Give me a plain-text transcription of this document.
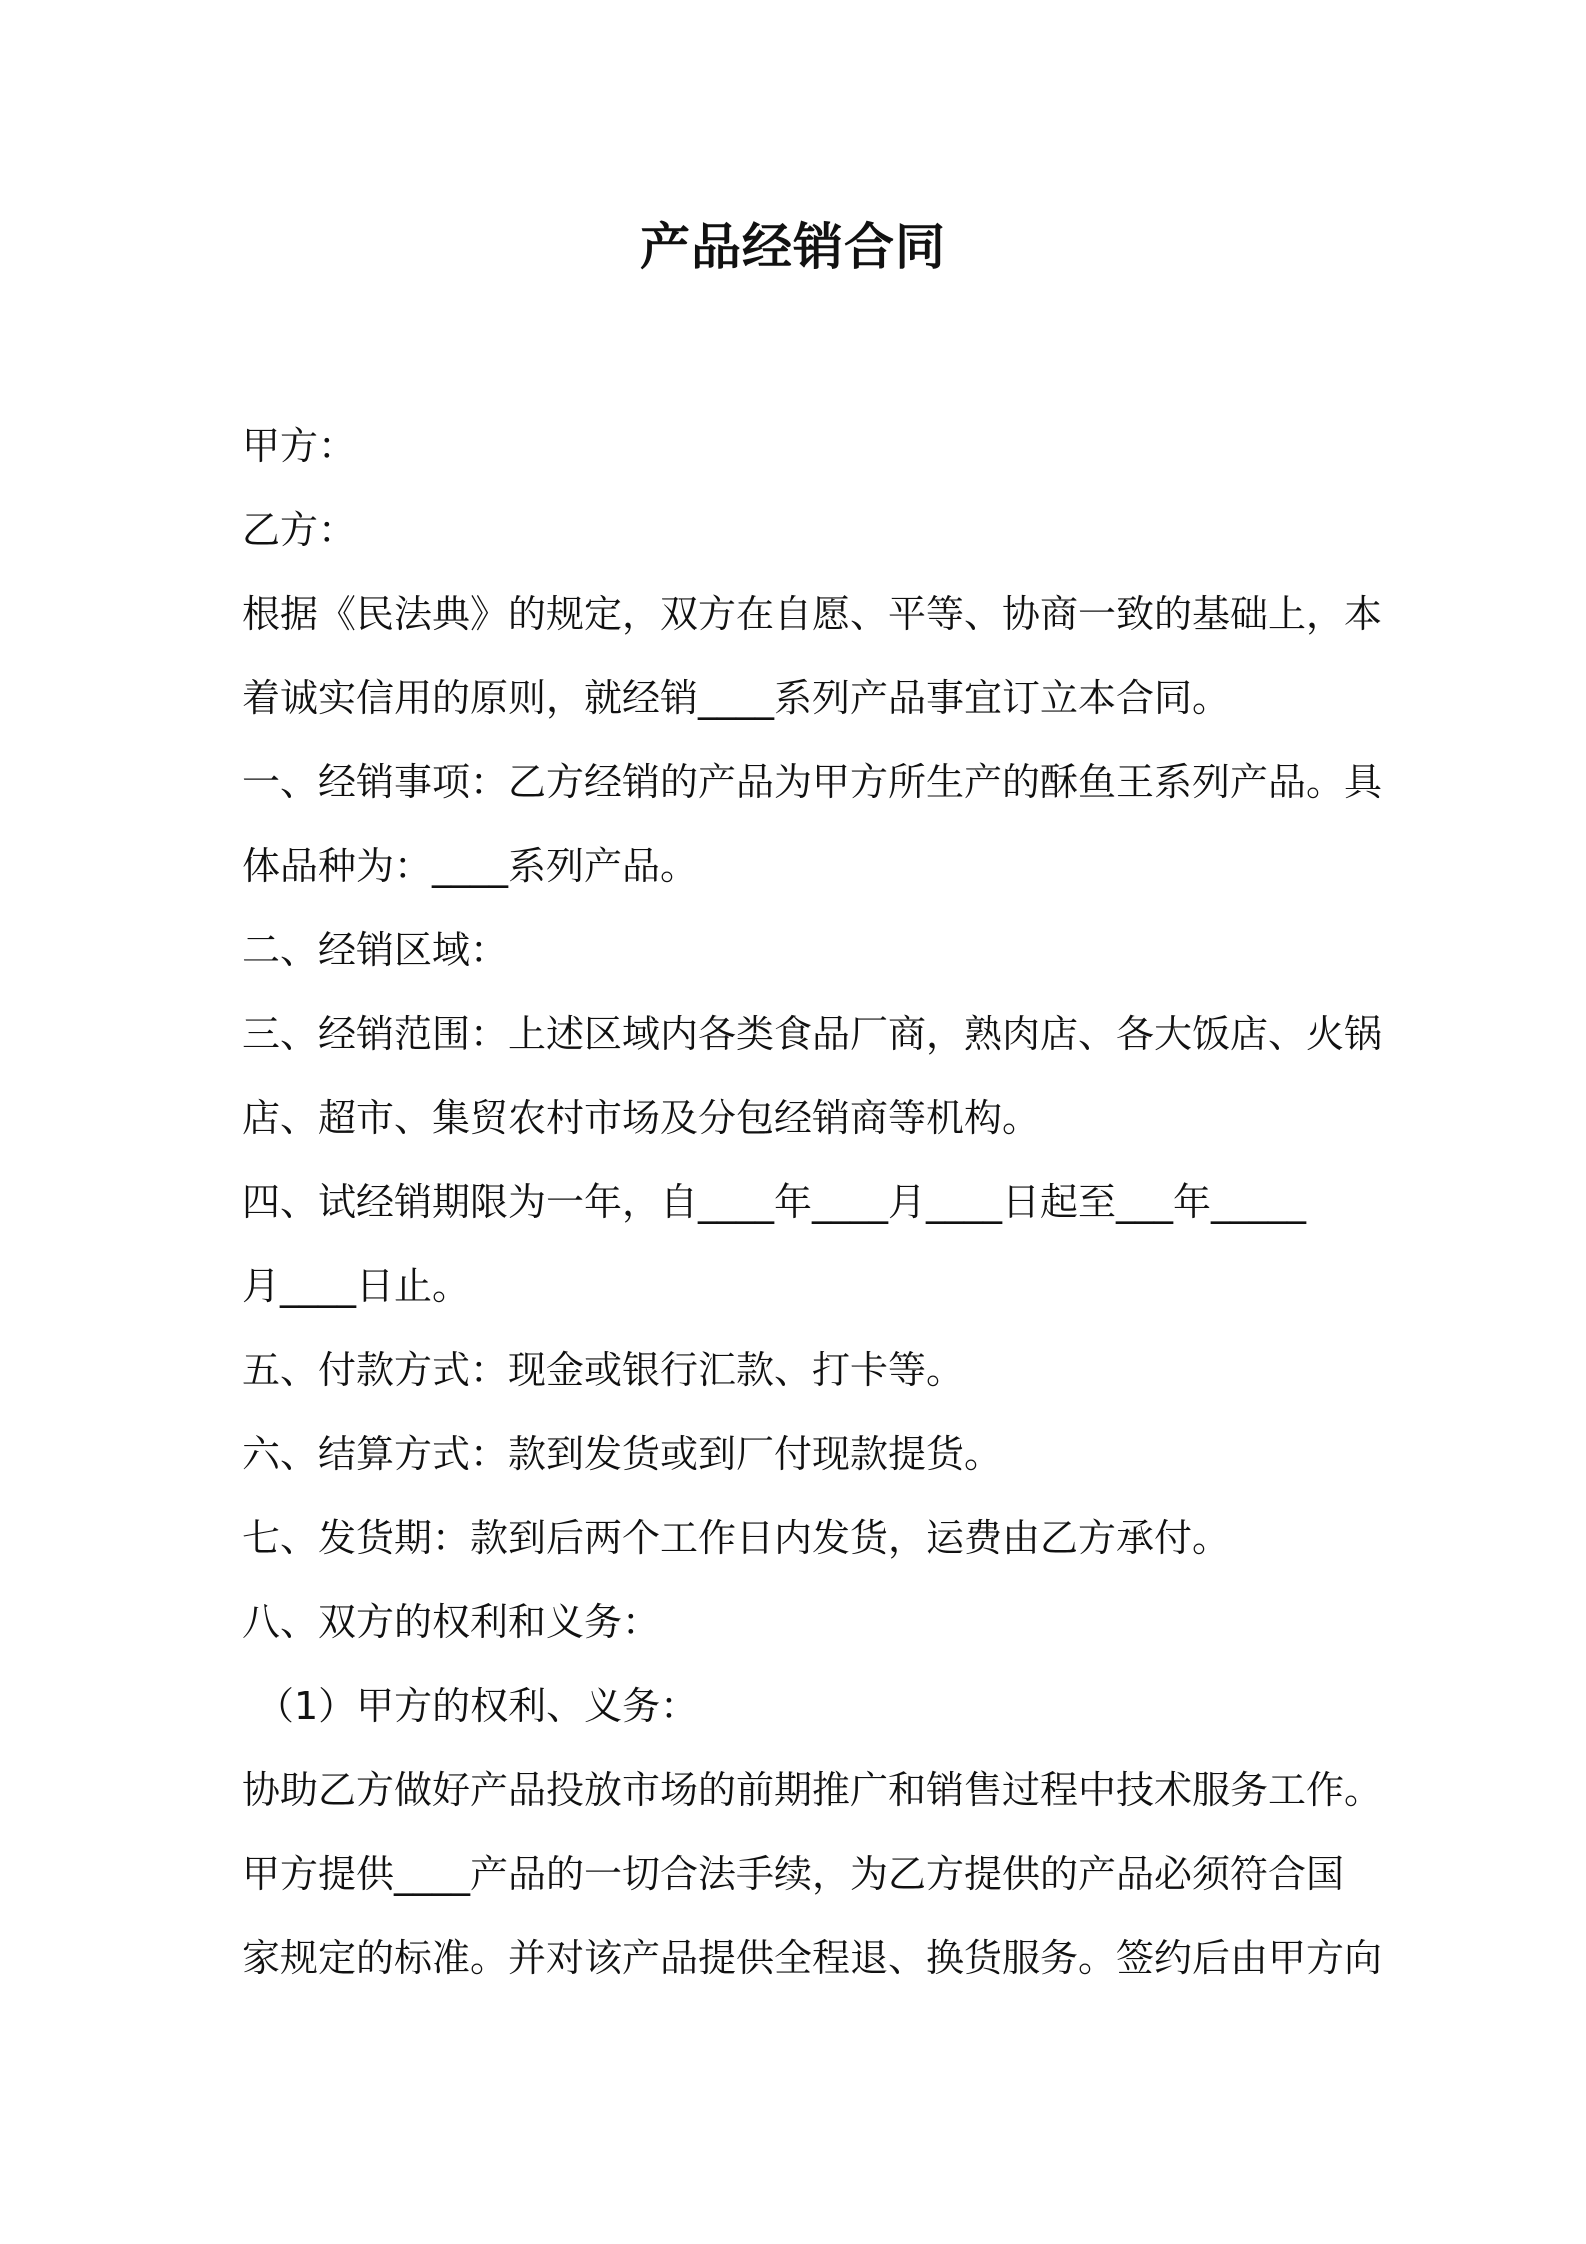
产品经销合同
甲方：
乙方：
根据《民法典》的规定，双方在自愿、平等、协商一致的基础上，本
着诚实信用的原则，就经销____系列产品事宜订立本合同。
一、经销事项：乙方经销的产品为甲方所生产的酥鱼王系列产品。具
体品种为：____系列产品。
二、经销区域：
三、经销范围：上述区域内各类食品厂商，熟肉店、各大饭店、火锅
店、超市、集贸农村市场及分包经销商等机构。
四、试经销期限为一年，自____年____月____日起至___年_____
月____日止。
五、付款方式：现金或银行汇款、打卡等。
六、结算方式：款到发货或到厂付现款提货。
七、发货期：款到后两个工作日内发货，运费由乙方承付。
八、双方的权利和义务：
（1）甲方的权利、义务：
协助乙方做好产品投放市场的前期推广和销售过程中技术服务工作。
甲方提供____产品的一切合法手续，为乙方提供的产品必须符合国
家规定的标准。并对该产品提供全程退、换货服务。签约后由甲方向
